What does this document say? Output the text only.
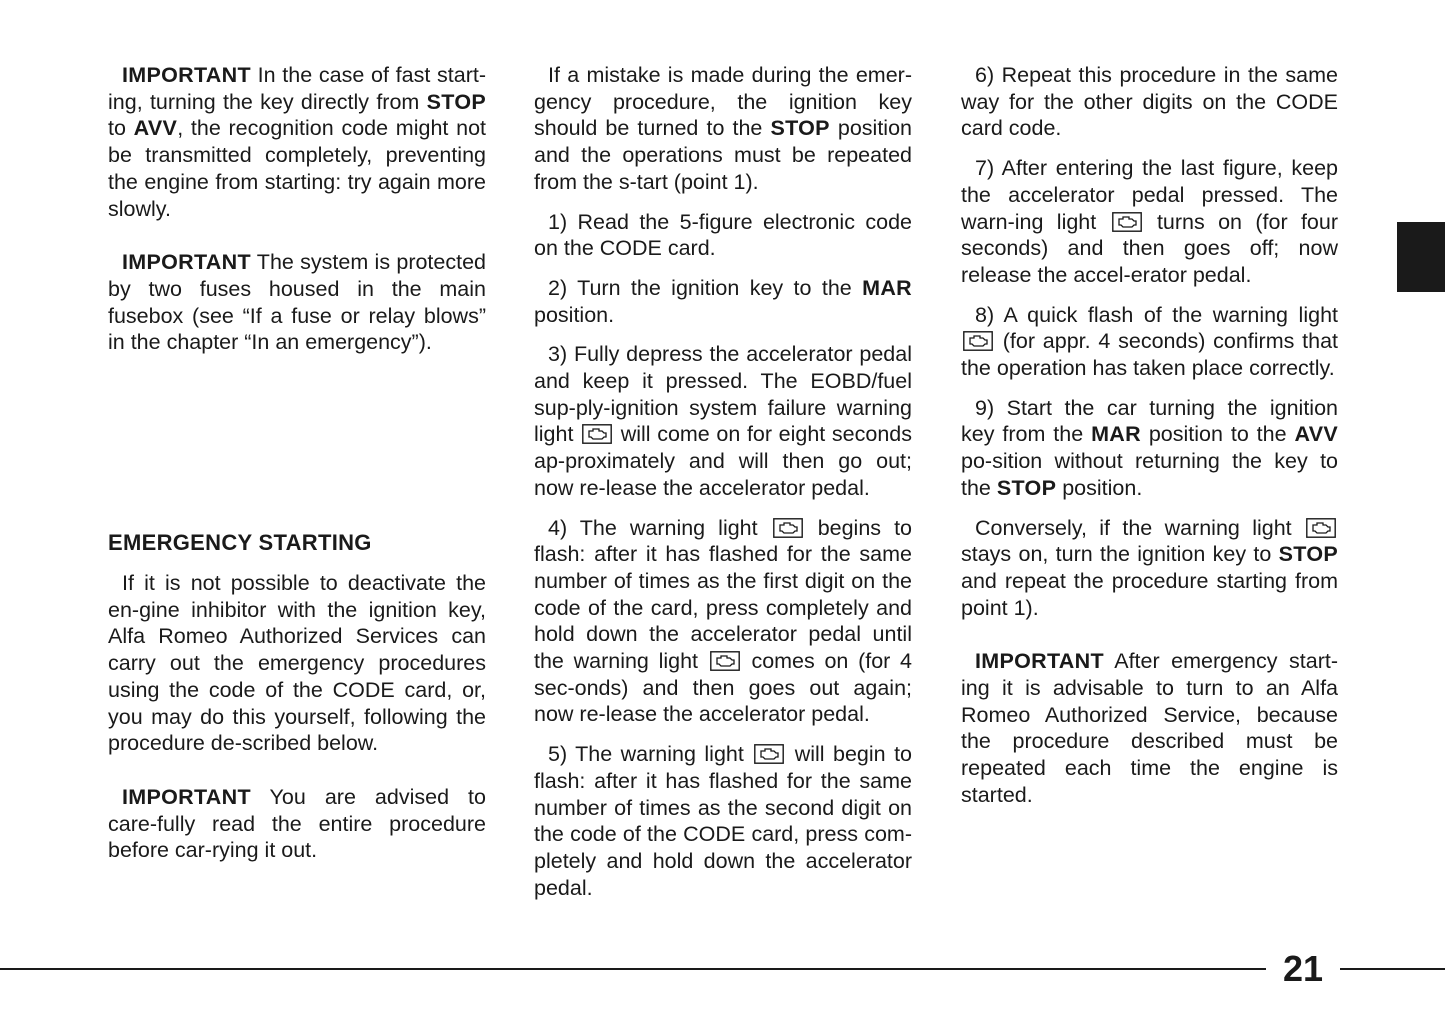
IMPORTANT In the case of fast start-ing, turning the key directly from STOP to AVV, the recognition code might not be transmitted completely, preventing the engine from starting: try again more slowly.

IMPORTANT The system is protected by two fuses housed in the main fusebox (see “If a fuse or relay blows” in the chapter “In an emergency”).

EMERGENCY STARTING

If it is not possible to deactivate the en-gine inhibitor with the ignition key, Alfa Romeo Authorized Services can carry out the emergency procedures using the code of the CODE card, or, you may do this yourself, following the procedure de-scribed below.

IMPORTANT You are advised to care-fully read the entire procedure before car-rying it out.

If a mistake is made during the emer-gency procedure, the ignition key should be turned to the STOP position and the operations must be repeated from the s-tart (point 1).

1) Read the 5-figure electronic code on the CODE card.

2) Turn the ignition key to the MAR position.

3) Fully depress the accelerator pedal and keep it pressed. The EOBD/fuel sup-ply-ignition system failure warning light  will come on for eight seconds ap-proximately and will then go out; now re-lease the accelerator pedal.

4) The warning light  begins to flash: after it has flashed for the same number of times as the first digit on the code of the card, press completely and hold down the accelerator pedal until the warning light  comes on (for 4 sec-onds) and then goes out again; now re-lease the accelerator pedal.

5) The warning light  will begin to flash: after it has flashed for the same number of times as the second digit on the code of the CODE card, press com-pletely and hold down the accelerator pedal.

6) Repeat this procedure in the same way for the other digits on the CODE card code.

7) After entering the last figure, keep the accelerator pedal pressed. The warn-ing light  turns on (for four seconds) and then goes off; now release the accel-erator pedal.

8) A quick flash of the warning light  (for appr. 4 seconds) confirms that the operation has taken place correctly.

9) Start the car turning the ignition key from the MAR position to the AVV po-sition without returning the key to the STOP position.

Conversely, if the warning light  stays on, turn the ignition key to STOP and repeat the procedure starting from point 1).

IMPORTANT After emergency start-ing it is advisable to turn to an Alfa Romeo Authorized Service, because the procedure described must be repeated each time the engine is started.

21
